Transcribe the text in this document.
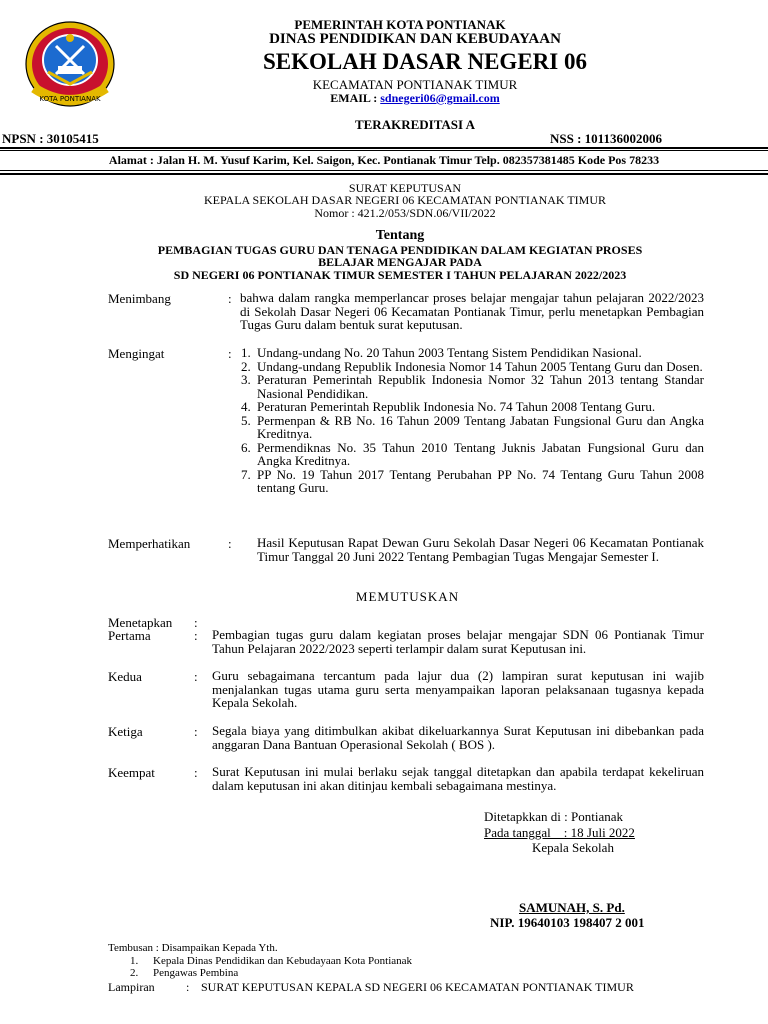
KOTA PONTIANAK
PEMERINTAH KOTA PONTIANAK
DINAS PENDIDIKAN DAN KEBUDAYAAN
SEKOLAH DASAR NEGERI 06
KECAMATAN PONTIANAK TIMUR
EMAIL : sdnegeri06@gmail.com
TERAKREDITASI A
NPSN : 30105415	NSS : 101136002006
Alamat : Jalan H. M. Yusuf Karim, Kel. Saigon, Kec. Pontianak Timur Telp. 082357381485 Kode Pos 78233
SURAT KEPUTUSAN
KEPALA SEKOLAH DASAR NEGERI 06 KECAMATAN PONTIANAK TIMUR
Nomor : 421.2/053/SDN.06/VII/2022
Tentang
PEMBAGIAN TUGAS GURU DAN TENAGA PENDIDIKAN DALAM KEGIATAN PROSES
BELAJAR MENGAJAR PADA
SD NEGERI 06 PONTIANAK TIMUR SEMESTER I TAHUN PELAJARAN 2022/2023
Menimbang	: bahwa dalam rangka memperlancar proses belajar mengajar tahun pelajaran 2022/2023 di Sekolah Dasar Negeri 06 Kecamatan Pontianak Timur, perlu menetapkan Pembagian Tugas Guru dalam bentuk surat keputusan.
Mengingat	: 1. Undang-undang No. 20 Tahun 2003 Tentang Sistem Pendidikan Nasional.
2. Undang-undang Republik Indonesia Nomor 14 Tahun 2005 Tentang Guru dan Dosen.
3. Peraturan Pemerintah Republik Indonesia Nomor 32 Tahun 2013 tentang Standar Nasional Pendidikan.
4. Peraturan Pemerintah Republik Indonesia No. 74 Tahun 2008 Tentang Guru.
5. Permenpan & RB No. 16 Tahun 2009 Tentang Jabatan Fungsional Guru dan Angka Kreditnya.
6. Permendiknas No. 35 Tahun 2010 Tentang Juknis Jabatan Fungsional Guru dan Angka Kreditnya.
7. PP No. 19 Tahun 2017 Tentang Perubahan PP No. 74 Tentang Guru Tahun 2008 tentang Guru.
Memperhatikan	: Hasil Keputusan Rapat Dewan Guru Sekolah Dasar Negeri 06 Kecamatan Pontianak Timur Tanggal 20 Juni 2022 Tentang Pembagian Tugas Mengajar Semester I.
MEMUTUSKAN
Menetapkan :
Pertama	: Pembagian tugas guru dalam kegiatan proses belajar mengajar SDN 06 Pontianak Timur Tahun Pelajaran 2022/2023 seperti terlampir dalam surat Keputusan ini.
Kedua	: Guru sebagaimana tercantum pada lajur dua (2) lampiran surat keputusan ini wajib menjalankan tugas utama guru serta menyampaikan laporan pelaksanaan tugasnya kepada Kepala Sekolah.
Ketiga	: Segala biaya yang ditimbulkan akibat dikeluarkannya Surat Keputusan ini dibebankan pada anggaran Dana Bantuan Operasional Sekolah ( BOS ).
Keempat	: Surat Keputusan ini mulai berlaku sejak tanggal ditetapkan dan apabila terdapat kekeliruan dalam keputusan ini akan ditinjau kembali sebagaimana mestinya.
Ditetapkkan di : Pontianak
Pada tanggal    : 18 Juli 2022
Kepala Sekolah
SAMUNAH, S. Pd.
NIP. 19640103 198407 2 001
Tembusan : Disampaikan Kepada Yth.
1. Kepala Dinas Pendidikan dan Kebudayaan Kota Pontianak
2. Pengawas Pembina
Lampiran	: SURAT KEPUTUSAN KEPALA SD NEGERI 06 KECAMATAN PONTIANAK TIMUR
